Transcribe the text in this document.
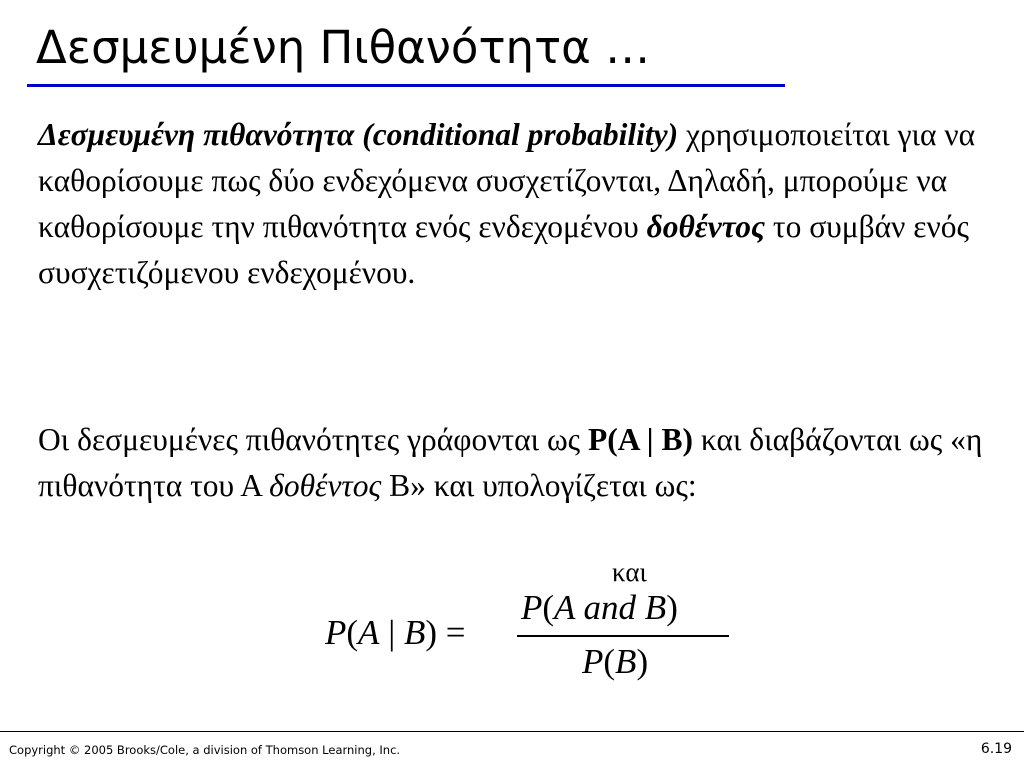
Δεσμευμένη Πιθανότητα …

Δεσμευμένη πιθανότητα (conditional probability) χρησιμοποιείται για να καθορίσουμε πως δύο ενδεχόμενα συσχετίζονται, Δηλαδή, μπορούμε να καθορίσουμε την πιθανότητα ενός ενδεχομένου δοθέντος το συμβάν ενός συσχετιζόμενου ενδεχομένου.

Οι δεσμευμένες πιθανότητες γράφονται ως P(A | B) και διαβάζονται ως «η πιθανότητα του Α δοθέντος Β» και υπολογίζεται ως:

και
P(A | B) =
P(A and B)
P(B)
Copyright © 2005 Brooks/Cole, a division of Thomson Learning, Inc.	6.19
